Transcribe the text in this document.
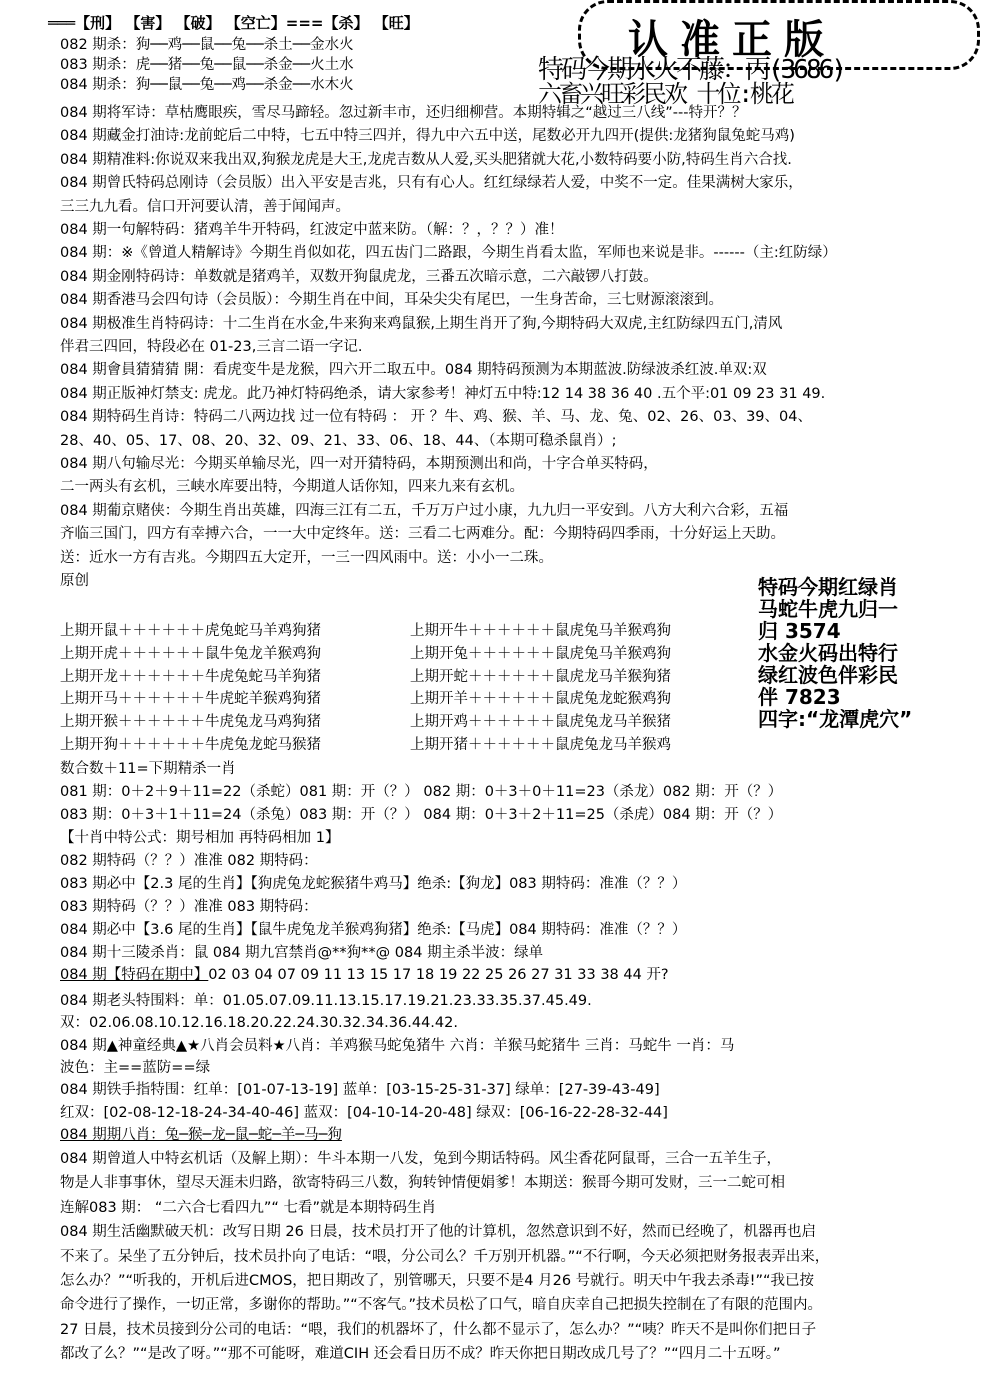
认准正版
═══【刑】 【害】 【破】 【空亡】===【杀】 【旺】
082 期杀：狗──鸡──鼠──兔──杀土──金水火
083 期杀：虎──猪──兔──鼠──杀金──火土水
084 期杀：狗──鼠──兔──鸡──杀金──水木火	特码今期水火不藤：丙(3686)
六畜兴旺彩民欢 十位:桃花
084 期将军诗：草枯鹰眼疾，雪尽马蹄轻。忽过新丰市，还归细柳营。本期特辑之“越过三八线”---特开？？
084 期藏金打油诗:龙前蛇后二中特，七五中特三四并，得九中六五中送，尾数必开九四开(提供:龙猪狗鼠兔蛇马鸡)
084 期精准料:你说双来我出双,狗猴龙虎是大王,龙虎吉数从人爱,买头肥猪就大花,小数特码要小防,特码生肖六合找.
084 期曾氏特码总刚诗（会员版）出入平安是吉兆，只有有心人。红红绿绿若人爱，中奖不一定。佳果满树大家乐，
三三九九看。信口开河要认清，善于闻闻声。
084 期一句解特码：猪鸡羊牛开特码，红波定中蓝来防。（解：？，？？）准！
084 期：※《曾道人精解诗》今期生肖似如花，四五齿门二路跟，今期生肖看太监，军师也来说是非。------（主:红防绿）
084 期金刚特码诗：单数就是猪鸡羊，双数开狗鼠虎龙，三番五次暗示意，二六敲锣八打鼓。
084 期香港马会四句诗（会员版）：今期生肖在中间，耳朵尖尖有尾巴，一生身苦命，三七财源滚滚到。
084 期极准生肖特码诗：十二生肖在水金,牛来狗来鸡鼠猴,上期生肖开了狗,今期特码大双虎,主红防绿四五门,清风
伴君三四回，特段必在 01-23,三言二语一字记.
084 期會員猜猜猜 開：看虎变牛是龙猴，四六开二取五中。084 期特码预测为本期蓝波.防绿波杀红波.单双:双
084 期正版神灯禁支: 虎龙。此乃神灯特码绝杀，请大家参考！神灯五中特:12 14 38 36 40 .五个平:01 09 23 31 49.
084 期特码生肖诗：特码二八两边找 过一位有特码 ： 开 ？牛、鸡、猴、羊、马、龙、兔、02、26、03、39、04、
28、40、05、17、08、20、32、09、21、33、06、18、44、（本期可稳杀鼠肖）;
084 期八句输尽光：今期买单输尽光，四一对开猜特码，本期预测出和尚，十字合单买特码，
二一两头有玄机，三峡水库要出特，今期道人话你知，四来九来有玄机。
084 期葡京赌侠：今期生肖出英雄，四海三江有二五，千万万户过小康，九九归一平安到。八方大利六合彩，五福
齐临三国门，四方有幸搏六合，一一大中定终年。送：三看二七两难分。配：今期特码四季雨，十分好运上天助。
送：近水一方有吉兆。今期四五大定开，一三一四风雨中。送：小小一二珠。
原创
上期开鼠＋＋＋＋＋＋虎兔蛇马羊鸡狗猪
上期开虎＋＋＋＋＋＋鼠牛兔龙羊猴鸡狗
上期开龙＋＋＋＋＋＋牛虎兔蛇马羊狗猪
上期开马＋＋＋＋＋＋牛虎蛇羊猴鸡狗猪
上期开猴＋＋＋＋＋＋牛虎兔龙马鸡狗猪
上期开狗＋＋＋＋＋＋牛虎兔龙蛇马猴猪
上期开牛＋＋＋＋＋＋鼠虎兔马羊猴鸡狗
上期开兔＋＋＋＋＋＋鼠虎兔马羊猴鸡狗
上期开蛇＋＋＋＋＋＋鼠虎龙马羊猴狗猪
上期开羊＋＋＋＋＋＋鼠虎兔龙蛇猴鸡狗
上期开鸡＋＋＋＋＋＋鼠虎兔龙马羊猴猪
上期开猪＋＋＋＋＋＋鼠虎兔龙马羊猴鸡
特码今期红绿肖
马蛇牛虎九归一
归 3574
水金火码出特行
绿红波色伴彩民
伴 7823
四字:“龙潭虎穴”
数合数＋11=下期精杀一肖
081 期：0＋2＋9＋11=22（杀蛇）081 期：开（？） 082 期：0＋3＋0＋11=23（杀龙）082 期：开（？）
083 期：0＋3＋1＋11=24（杀兔）083 期：开（？） 084 期：0＋3＋2＋11=25（杀虎）084 期：开（？）
【十肖中特公式：期号相加 再特码相加 1】
082 期特码（？？）准准 082 期特码：
083 期必中【2.3 尾的生肖】【狗虎兔龙蛇猴猪牛鸡马】绝杀:【狗龙】083 期特码：准准（？？）
083 期特码（？？）准准 083 期特码：
084 期必中【3.6 尾的生肖】【鼠牛虎兔龙羊猴鸡狗猪】绝杀:【马虎】084 期特码：准准（？？）
084 期十三陵杀肖：鼠 084 期九宫禁肖@**狗**@ 084 期主杀半波：绿单
084 期【特码在期中】02 03 04 07 09 11 13 15 17 18 19 22 25 26 27 31 33 38 44 开?
084 期老头特围料：单：01.05.07.09.11.13.15.17.19.21.23.33.35.37.45.49.
双：02.06.08.10.12.16.18.20.22.24.30.32.34.36.44.42.
084 期▲神童经典▲★八肖会员料★八肖：羊鸡猴马蛇兔猪牛 六肖：羊猴马蛇猪牛 三肖：马蛇牛 一肖：马
波色：主==蓝防==绿
084 期铁手指特围：红单：[01-07-13-19] 蓝单：[03-15-25-31-37] 绿单：[27-39-43-49]
红双：[02-08-12-18-24-34-40-46] 蓝双：[04-10-14-20-48] 绿双：[06-16-22-28-32-44]
084 期期八肖：兔─猴─龙─鼠─蛇─羊─马─狗
084 期曾道人中特玄机话（及解上期）：牛斗本期一八发，兔到今期话特码。风尘香花阿鼠哥，三合一五羊生子，
物是人非事事休，望尽天涯未归路，欲寄特码三八数，狗转钟情便娟爹！本期送：猴哥今期可发财，三一二蛇可相
连解083 期： “二六合七看四九”“ 七看”就是本期特码生肖
084 期生活幽默破天机：改写日期 26 日晨，技术员打开了他的计算机，忽然意识到不好，然而已经晚了，机器再也启
不来了。呆坐了五分钟后，技术员扑向了电话：“喂，分公司么？千万别开机器。”“不行啊，今天必须把财务报表弄出来，
怎么办？”“听我的，开机后进CMOS，把日期改了，别管哪天，只要不是4 月26 号就行。明天中午我去杀毒!”“我已按
命令进行了操作，一切正常，多谢你的帮助。”“不客气。”技术员松了口气，暗自庆幸自己把损失控制在了有限的范围内。
27 日晨，技术员接到分公司的电话：“喂，我们的机器坏了，什么都不显示了，怎么办？”“咦？昨天不是叫你们把日子
都改了么？”“是改了呀。”“那不可能呀，难道CIH 还会看日历不成？昨天你把日期改成几号了？”“四月二十五呀。”
